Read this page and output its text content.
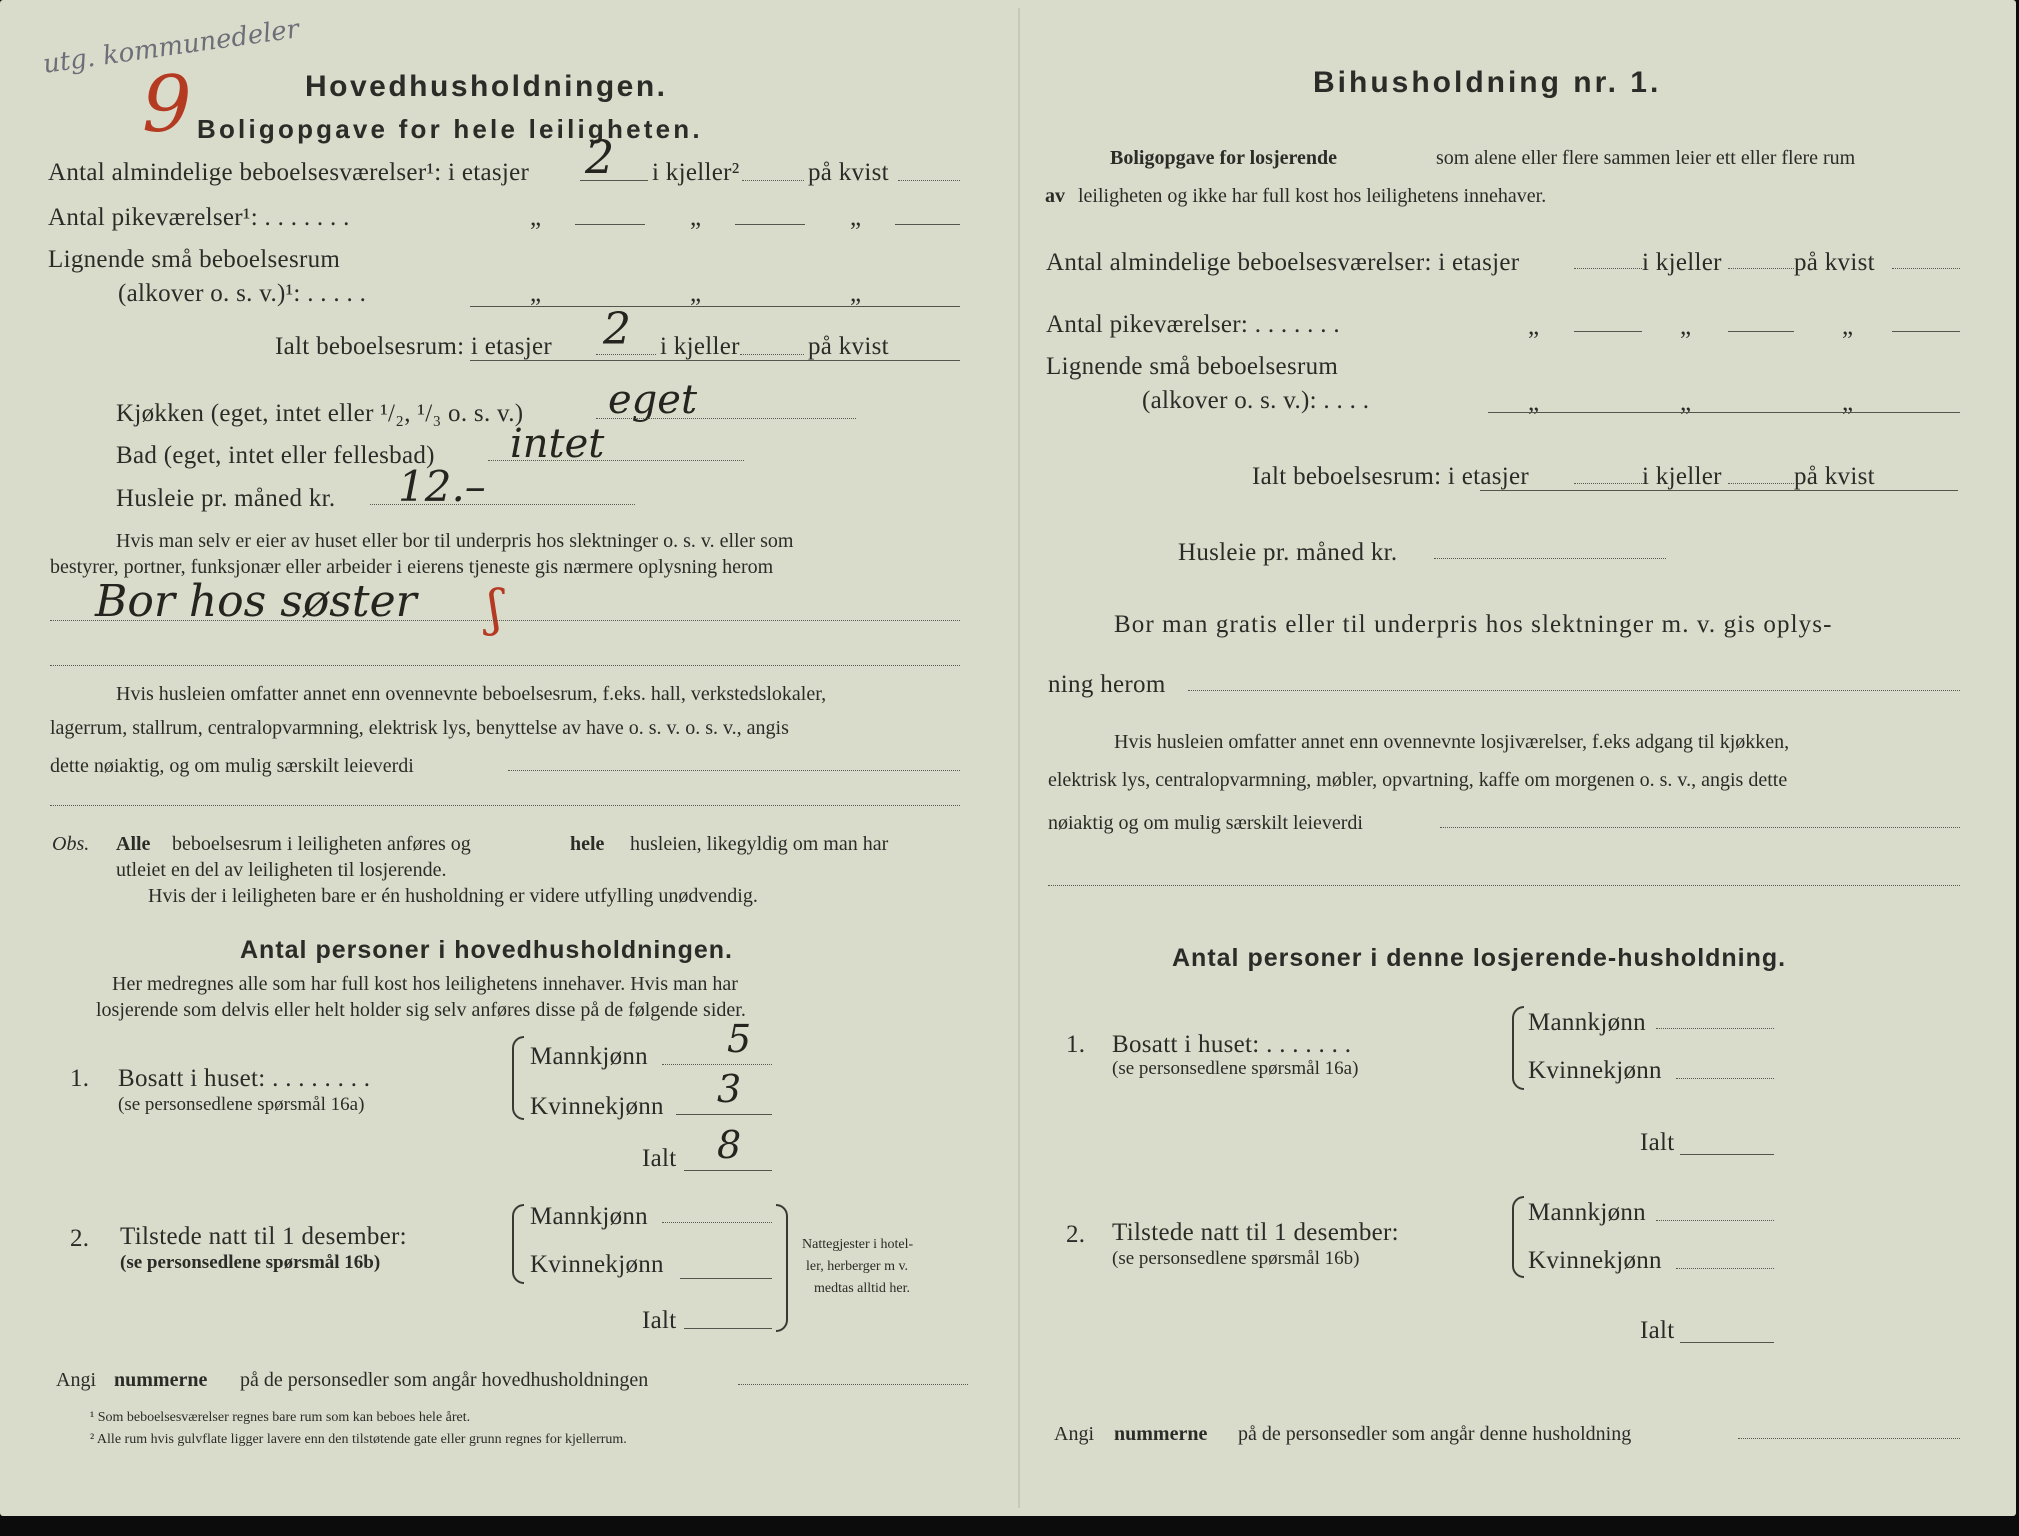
utg. kommunedeler
9	Hovedhusholdningen.
Boligopgave for hele leiligheten.
Antal almindelige beboelsesværelser¹: i etasjer 2 i kjeller²	på kvist
Antal pikeværelser¹: . . . . . . .	„	„	„
Lignende små beboelsesrum
(alkover o. s. v.)¹: . . . . .	„	„	„
Ialt beboelsesrum: i etasjer 2 i kjeller	på kvist
Kjøkken (eget, intet eller ¹/₂, ¹/₃ o. s. v.) eget
Bad (eget, intet eller fellesbad) intet
Husleie pr. måned kr. 12.–
Hvis man selv er eier av huset eller bor til underpris hos slektninger o. s. v. eller som
bestyrer, portner, funksjonær eller arbeider i eierens tjeneste gis nærmere oplysning herom
Bor hos søster ʃ
Hvis husleien omfatter annet enn ovennevnte beboelsesrum, f.eks. hall, verkstedslokaler,
lagerrum, stallrum, centralopvarmning, elektrisk lys, benyttelse av have o. s. v. o. s. v., angis
dette nøiaktig, og om mulig særskilt leieverdi
Obs. Alle beboelsesrum i leiligheten anføres og	hele husleien, likegyldig om man har
utleiet en del av leiligheten til losjerende.
Hvis der i leiligheten bare er én husholdning er videre utfylling unødvendig.
Antal personer i hovedhusholdningen.
Her medregnes alle som har full kost hos leilighetens innehaver. Hvis man har
losjerende som delvis eller helt holder sig selv anføres disse på de følgende sider.
1. Bosatt i huset: . . . . . . . .
(se personsedlene spørsmål 16a)
Mannkjønn 5
Kvinnekjønn 3
Ialt 8
2. Tilstede natt til 1 desember:
(se personsedlene spørsmål 16b)
Mannkjønn
Kvinnekjønn
Ialt
Nattegjester i hotel-
ler, herberger m v.
medtas alltid her.
Angi nummerne på de personsedler som angår hovedhusholdningen
¹ Som beboelsesværelser regnes bare rum som kan beboes hele året.
² Alle rum hvis gulvflate ligger lavere enn den tilstøtende gate eller grunn regnes for kjellerrum.
Bihusholdning nr. 1.
Boligopgave for losjerende	som alene eller flere sammen leier ett eller flere rum
av leiligheten og ikke har full kost hos leilighetens innehaver.
Antal almindelige beboelsesværelser: i etasjer	i kjeller	på kvist
Antal pikeværelser: . . . . . . .	„	„	„
Lignende små beboelsesrum
(alkover o. s. v.): . . . .	„	„	„
Ialt beboelsesrum: i etasjer	i kjeller	på kvist
Husleie pr. måned kr.
Bor man gratis eller til underpris hos slektninger m. v. gis oplys-
ning herom
Hvis husleien omfatter annet enn ovennevnte losjiværelser, f.eks adgang til kjøkken,
elektrisk lys, centralopvarmning, møbler, opvartning, kaffe om morgenen o. s. v., angis dette
nøiaktig og om mulig særskilt leieverdi
Antal personer i denne losjerende-husholdning.
1. Bosatt i huset: . . . . . . .
(se personsedlene spørsmål 16a)
Mannkjønn
Kvinnekjønn
Ialt
2. Tilstede natt til 1 desember:
(se personsedlene spørsmål 16b)
Mannkjønn
Kvinnekjønn
Ialt
Angi nummerne på de personsedler som angår denne husholdning
